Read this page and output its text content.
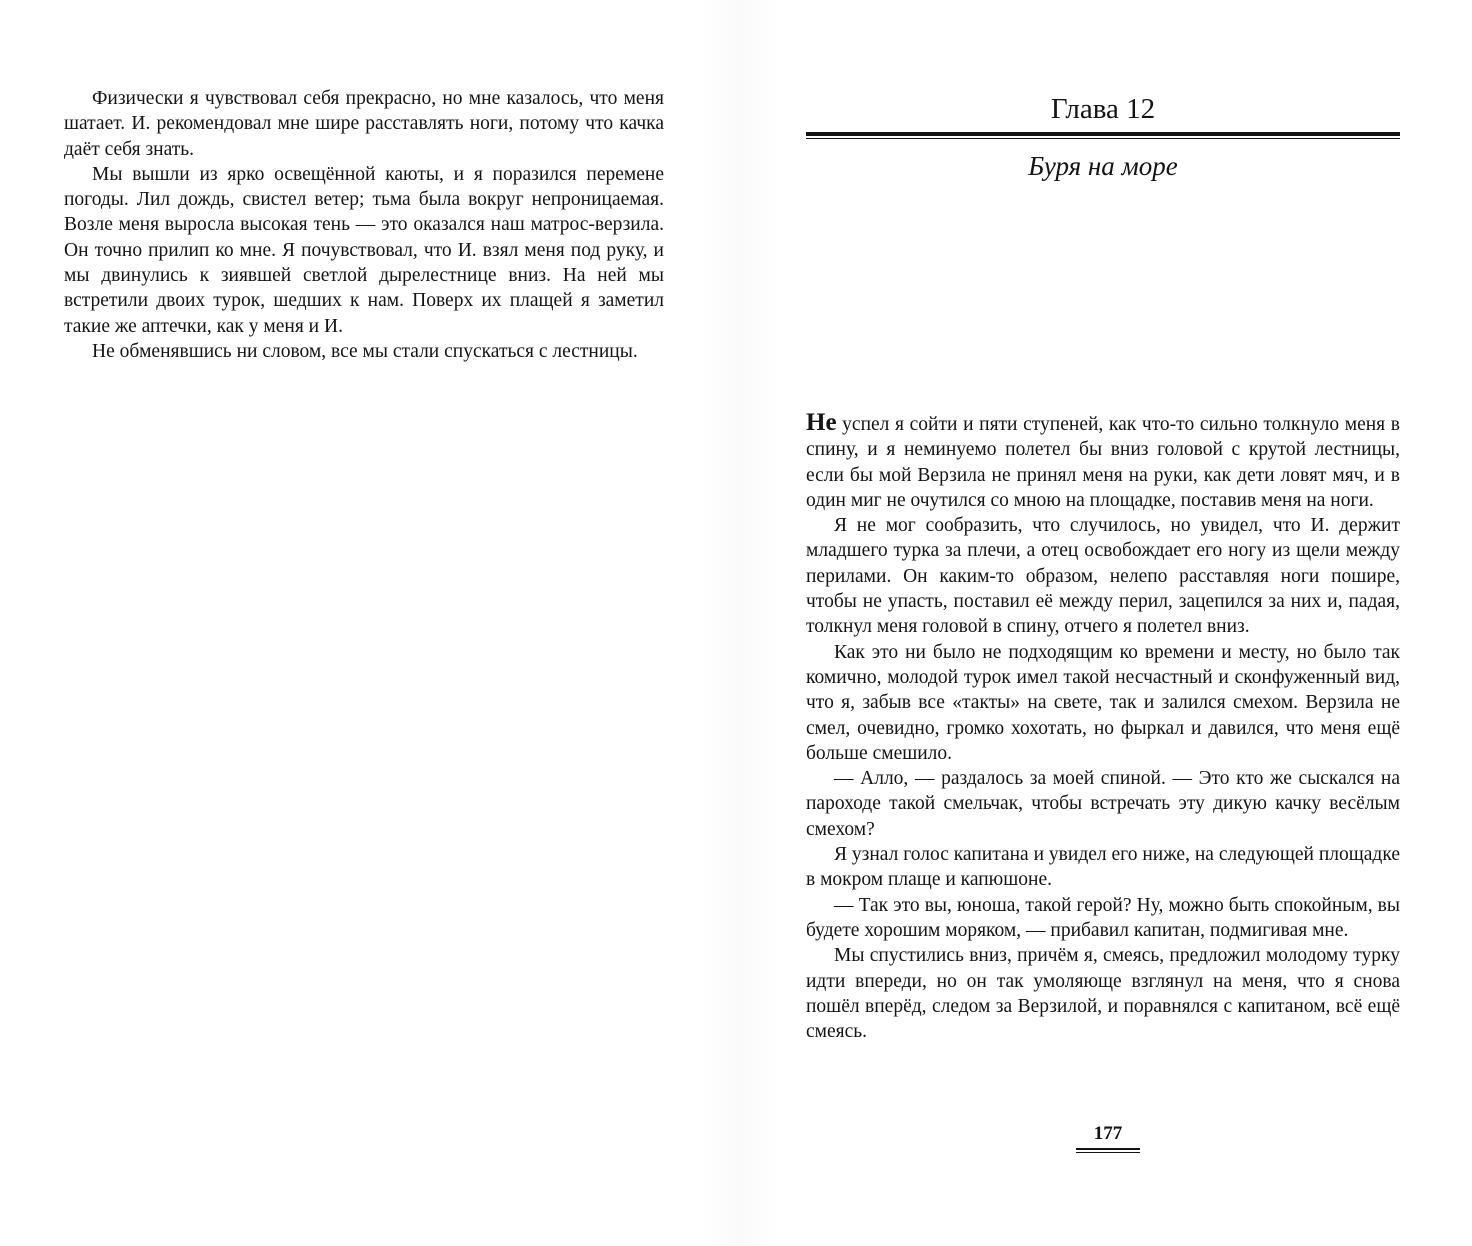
Физически я чувствовал себя прекрасно, но мне казалось, что меня шатает. И. рекомендовал мне шире расставлять ноги, потому что качка даёт себя знать.

Мы вышли из ярко освещённой каюты, и я поразился перемене погоды. Лил дождь, свистел ветер; тьма была вокруг непроницаемая. Возле меня выросла высокая тень — это оказался наш матрос-верзила. Он точно прилип ко мне. Я почувствовал, что И. взял меня под руку, и мы двинулись к зиявшей светлой дырелестнице вниз. На ней мы встретили двоих турок, шедших к нам. Поверх их плащей я заметил такие же аптечки, как у меня и И.

Не обменявшись ни словом, все мы стали спускаться с лестницы.

Глава 12
Буря на море

Не успел я сойти и пяти ступеней, как что-то сильно толкнуло меня в спину, и я неминуемо полетел бы вниз головой с крутой лестницы, если бы мой Верзила не принял меня на руки, как дети ловят мяч, и в один миг не очутился со мною на площадке, поставив меня на ноги.

Я не мог сообразить, что случилось, но увидел, что И. держит младшего турка за плечи, а отец освобождает его ногу из щели между перилами. Он каким-то образом, нелепо расставляя ноги пошире, чтобы не упасть, поставил её между перил, зацепился за них и, падая, толкнул меня головой в спину, отчего я полетел вниз.

Как это ни было не подходящим ко времени и месту, но было так комично, молодой турок имел такой несчастный и сконфуженный вид, что я, забыв все «такты» на свете, так и залился смехом. Верзила не смел, очевидно, громко хохотать, но фыркал и давился, что меня ещё больше смешило.

— Алло, — раздалось за моей спиной. — Это кто же сыскался на пароходе такой смельчак, чтобы встречать эту дикую качку весёлым смехом?

Я узнал голос капитана и увидел его ниже, на следующей площадке в мокром плаще и капюшоне.

— Так это вы, юноша, такой герой? Ну, можно быть спокойным, вы будете хорошим моряком, — прибавил капитан, подмигивая мне.

Мы спустились вниз, причём я, смеясь, предложил молодому турку идти впереди, но он так умоляюще взглянул на меня, что я снова пошёл вперёд, следом за Верзилой, и поравнялся с капитаном, всё ещё смеясь.

177
